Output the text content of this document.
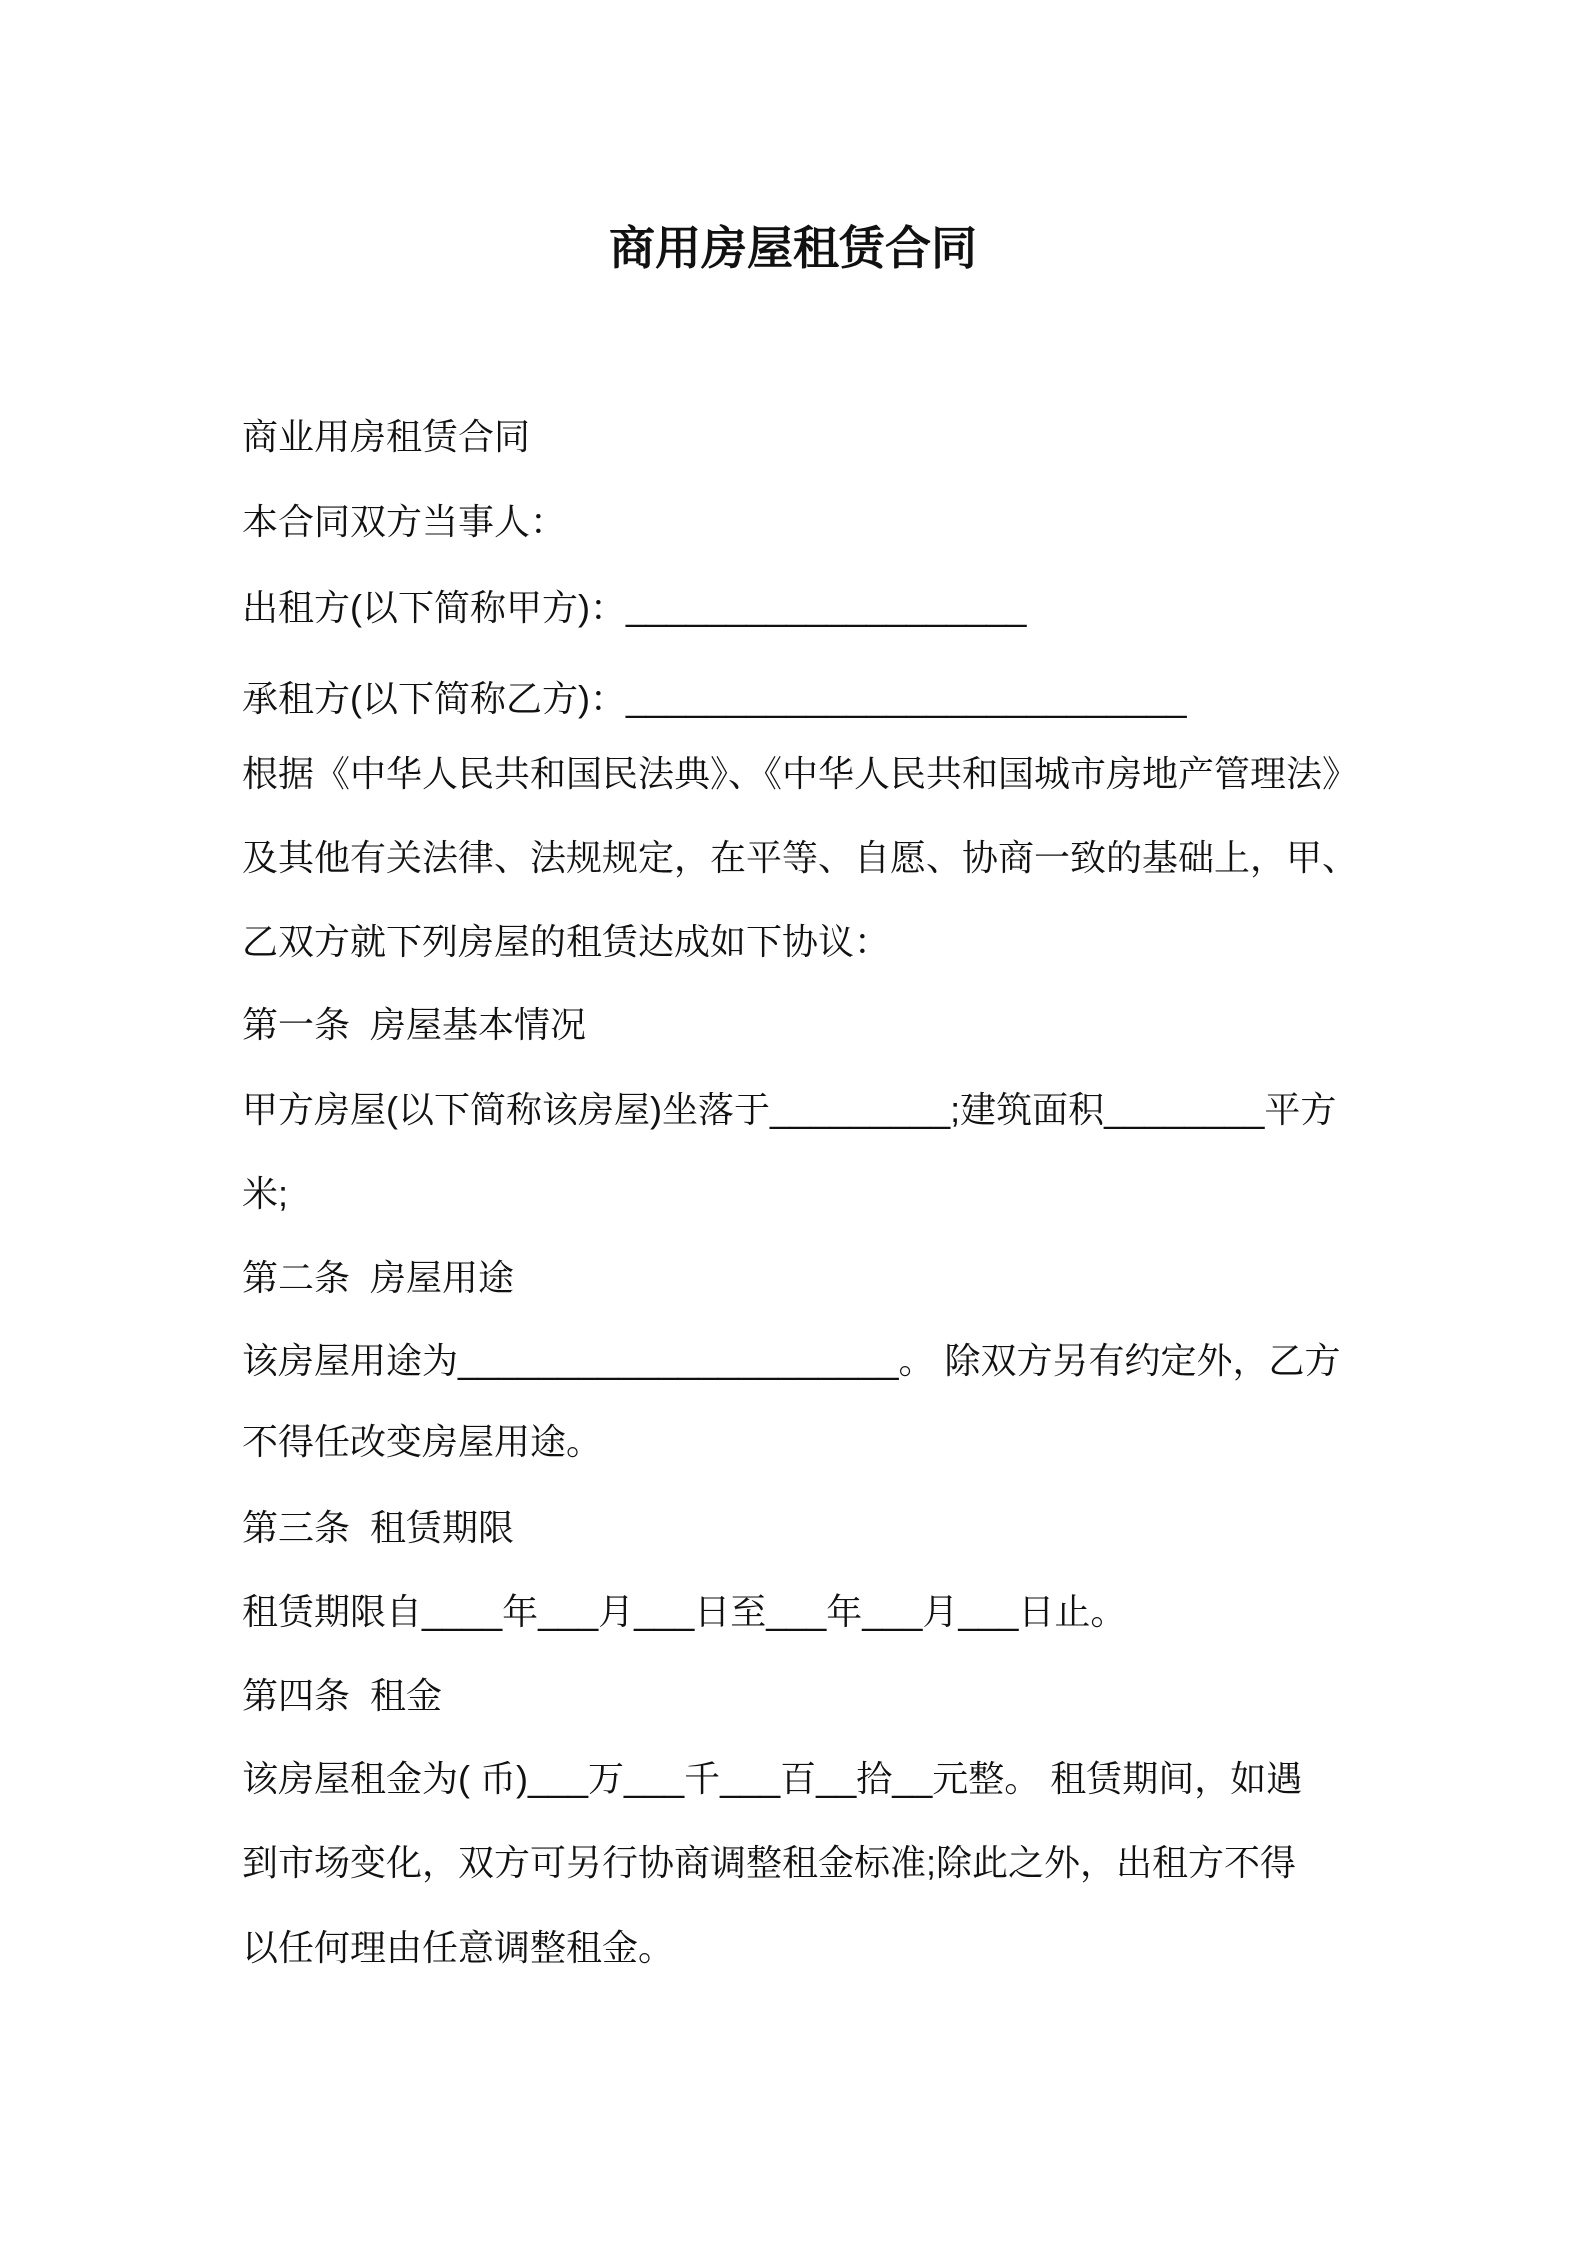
商用房屋租赁合同
商业用房租赁合同
本合同双方当事人：
出租方(以下简称甲方)：____________________
承租方(以下简称乙方)：____________________________
根据《中华人民共和国民法典》、《中华人民共和国城市房地产管理法》
及其他有关法律、法规规定，在平等、自愿、协商一致的基础上，甲、
乙双方就下列房屋的租赁达成如下协议：
第一条  房屋基本情况
甲方房屋(以下简称该房屋)坐落于_________;建筑面积________平方
米;
第二条  房屋用途
该房屋用途为______________________。 除双方另有约定外，乙方
不得任改变房屋用途。
第三条  租赁期限
租赁期限自____年___月___日至___年___月___日止。
第四条  租金
该房屋租金为( 币)___万___千___百__拾__元整。 租赁期间，如遇
到市场变化，双方可另行协商调整租金标准;除此之外，出租方不得
以任何理由任意调整租金。
